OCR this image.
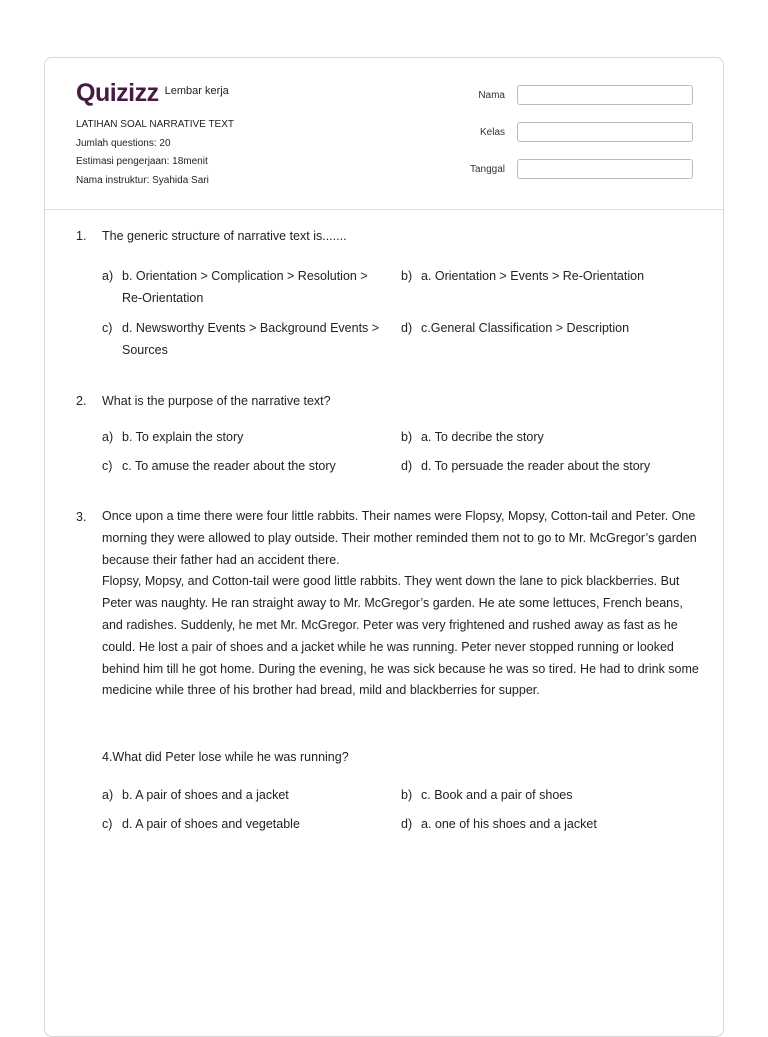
Quizizz Lembar kerja
LATIHAN SOAL NARRATIVE TEXT
Jumlah questions: 20
Estimasi pengerjaan: 18menit
Nama instruktur: Syahida Sari
Nama
Kelas
Tanggal
1. The generic structure of narrative text is.......
a) b. Orientation > Complication > Resolution > Re-Orientation
b) a. Orientation > Events > Re-Orientation
c) d. Newsworthy Events > Background Events > Sources
d) c.General Classification > Description
2. What is the purpose of the narrative text?
a) b. To explain the story	b) a. To decribe the story
c) c. To amuse the reader about the story	d) d. To persuade the reader about the story
3. Once upon a time there were four little rabbits. Their names were Flopsy, Mopsy, Cotton-tail and Peter. One morning they were allowed to play outside. Their mother reminded them not to go to Mr. McGregor’s garden because their father had an accident there.
Flopsy, Mopsy, and Cotton-tail were good little rabbits. They went down the lane to pick blackberries. But Peter was naughty. He ran straight away to Mr. McGregor’s garden. He ate some lettuces, French beans, and radishes. Suddenly, he met Mr. McGregor. Peter was very frightened and rushed away as fast as he could. He lost a pair of shoes and a jacket while he was running. Peter never stopped running or looked behind him till he got home. During the evening, he was sick because he was so tired. He had to drink some medicine while three of his brother had bread, mild and blackberries for supper.
4.What did Peter lose while he was running?
a) b. A pair of shoes and a jacket	b) c. Book and a pair of shoes
c) d. A pair of shoes and vegetable	d) a. one of his shoes and a jacket
